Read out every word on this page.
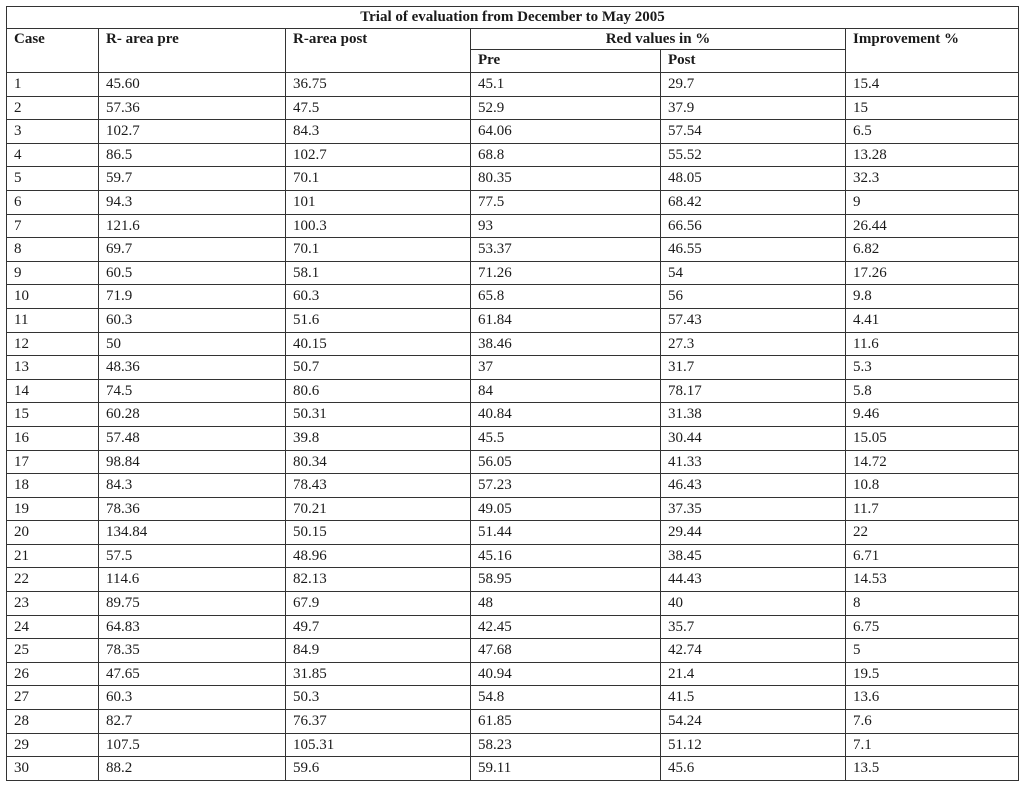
Trial of evaluation from December to May 2005					
Case	R- area pre	R-area post	Red values in %		Improvement %
			Pre	Post	
1	45.60	36.75	45.1	29.7	15.4
2	57.36	47.5	52.9	37.9	15
3	102.7	84.3	64.06	57.54	6.5
4	86.5	102.7	68.8	55.52	13.28
5	59.7	70.1	80.35	48.05	32.3
6	94.3	101	77.5	68.42	9
7	121.6	100.3	93	66.56	26.44
8	69.7	70.1	53.37	46.55	6.82
9	60.5	58.1	71.26	54	17.26
10	71.9	60.3	65.8	56	9.8
11	60.3	51.6	61.84	57.43	4.41
12	50	40.15	38.46	27.3	11.6
13	48.36	50.7	37	31.7	5.3
14	74.5	80.6	84	78.17	5.8
15	60.28	50.31	40.84	31.38	9.46
16	57.48	39.8	45.5	30.44	15.05
17	98.84	80.34	56.05	41.33	14.72
18	84.3	78.43	57.23	46.43	10.8
19	78.36	70.21	49.05	37.35	11.7
20	134.84	50.15	51.44	29.44	22
21	57.5	48.96	45.16	38.45	6.71
22	114.6	82.13	58.95	44.43	14.53
23	89.75	67.9	48	40	8
24	64.83	49.7	42.45	35.7	6.75
25	78.35	84.9	47.68	42.74	5
26	47.65	31.85	40.94	21.4	19.5
27	60.3	50.3	54.8	41.5	13.6
28	82.7	76.37	61.85	54.24	7.6
29	107.5	105.31	58.23	51.12	7.1
30	88.2	59.6	59.11	45.6	13.5
